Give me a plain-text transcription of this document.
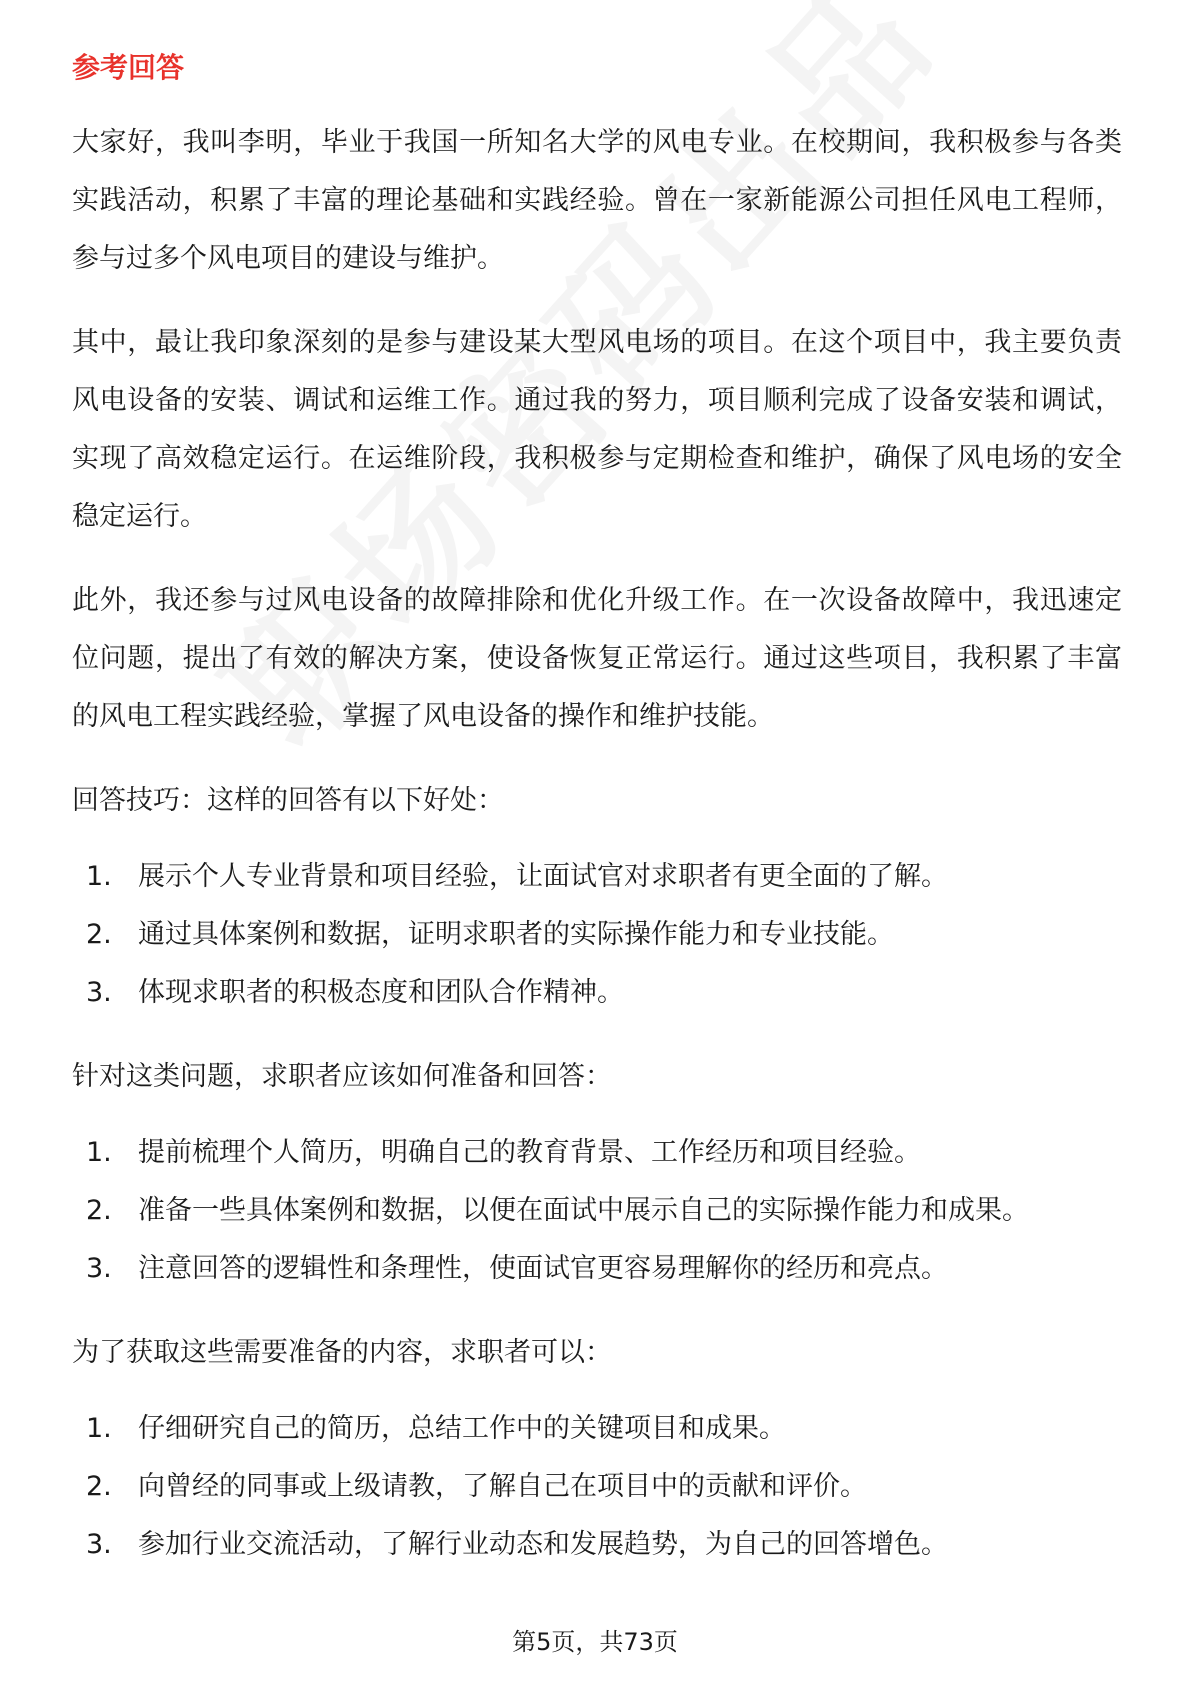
参考回答

大家好，我叫李明，毕业于我国一所知名大学的风电专业。在校期间，我积极参与各类实践活动，积累了丰富的理论基础和实践经验。曾在一家新能源公司担任风电工程师，参与过多个风电项目的建设与维护。

其中，最让我印象深刻的是参与建设某大型风电场的项目。在这个项目中，我主要负责风电设备的安装、调试和运维工作。通过我的努力，项目顺利完成了设备安装和调试，实现了高效稳定运行。在运维阶段，我积极参与定期检查和维护，确保了风电场的安全稳定运行。

此外，我还参与过风电设备的故障排除和优化升级工作。在一次设备故障中，我迅速定位问题，提出了有效的解决方案，使设备恢复正常运行。通过这些项目，我积累了丰富的风电工程实践经验，掌握了风电设备的操作和维护技能。

回答技巧：这样的回答有以下好处：

1. 展示个人专业背景和项目经验，让面试官对求职者有更全面的了解。
2. 通过具体案例和数据，证明求职者的实际操作能力和专业技能。
3. 体现求职者的积极态度和团队合作精神。

针对这类问题，求职者应该如何准备和回答：

1. 提前梳理个人简历，明确自己的教育背景、工作经历和项目经验。
2. 准备一些具体案例和数据，以便在面试中展示自己的实际操作能力和成果。
3. 注意回答的逻辑性和条理性，使面试官更容易理解你的经历和亮点。

为了获取这些需要准备的内容，求职者可以：

1. 仔细研究自己的简历，总结工作中的关键项目和成果。
2. 向曾经的同事或上级请教，了解自己在项目中的贡献和评价。
3. 参加行业交流活动，了解行业动态和发展趋势，为自己的回答增色。
第5页，共73页
